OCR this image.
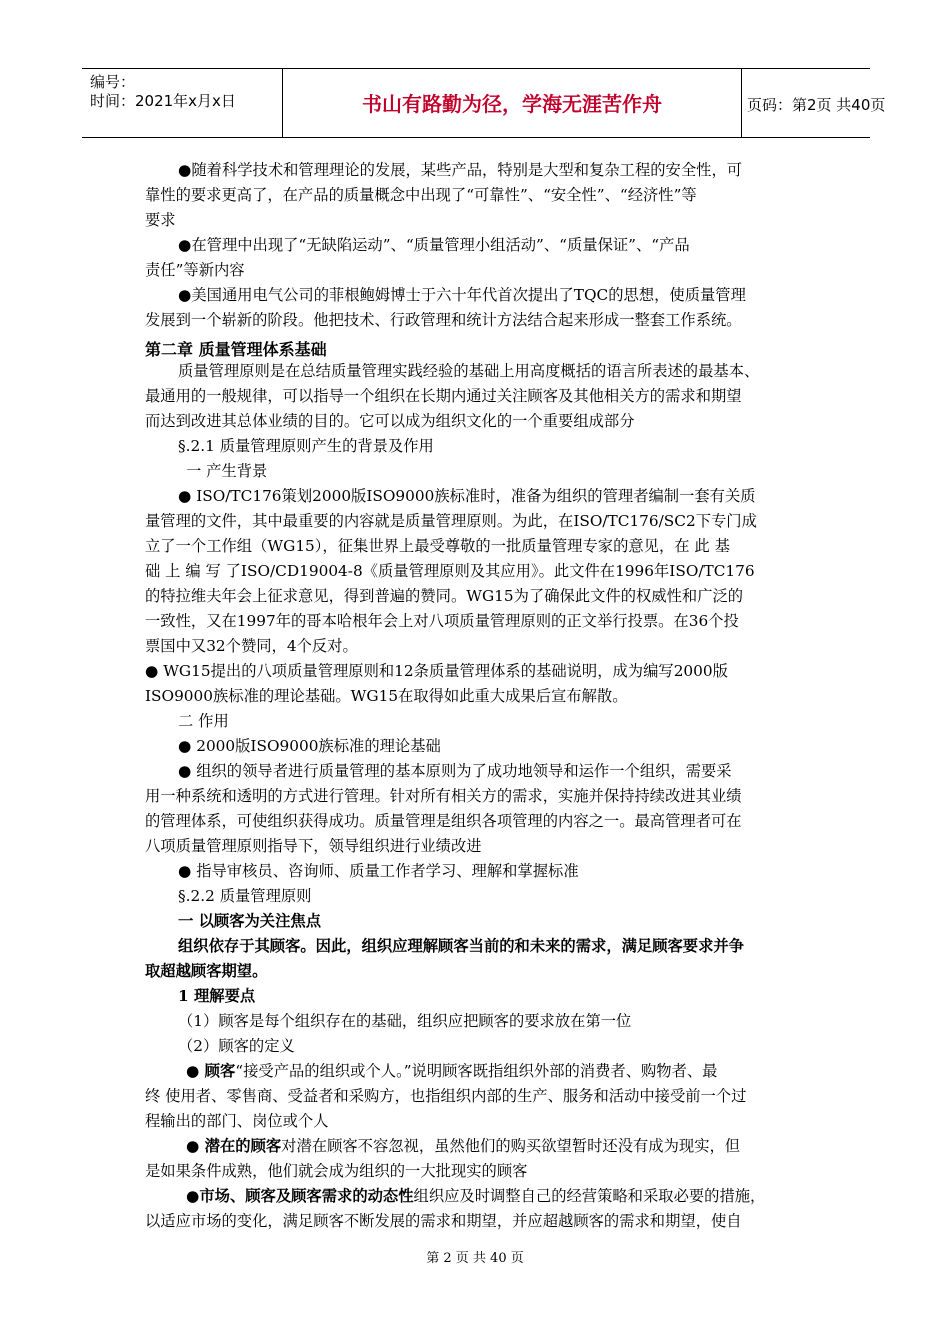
编号：
时间：2021年x月x日	书山有路勤为径，学海无涯苦作舟	页码：第2页 共40页
●随着科学技术和管理理论的发展，某些产品，特别是大型和复杂工程的安全性，可
靠性的要求更高了，在产品的质量概念中出现了“可靠性”、“安全性”、“经济性”等
要求
●在管理中出现了“无缺陷运动”、“质量管理小组活动”、“质量保证”、“产品
责任”等新内容
●美国通用电气公司的菲根鲍姆博士于六十年代首次提出了TQC的思想，使质量管理
发展到一个崭新的阶段。他把技术、行政管理和统计方法结合起来形成一整套工作系统。
第二章 质量管理体系基础
质量管理原则是在总结质量管理实践经验的基础上用高度概括的语言所表述的最基本、
最通用的一般规律，可以指导一个组织在长期内通过关注顾客及其他相关方的需求和期望
而达到改进其总体业绩的目的。它可以成为组织文化的一个重要组成部分
§.2.1 质量管理原则产生的背景及作用
一 产生背景
● ISO/TC176策划2000版ISO9000族标准时，准备为组织的管理者编制一套有关质
量管理的文件，其中最重要的内容就是质量管理原则。为此，在ISO/TC176/SC2下专门成
立了一个工作组（WG15），征集世界上最受尊敬的一批质量管理专家的意见，在 此 基
础 上 编 写 了ISO/CD19004-8《质量管理原则及其应用》。此文件在1996年ISO/TC176
的特拉维夫年会上征求意见，得到普遍的赞同。WG15为了确保此文件的权威性和广泛的
一致性，又在1997年的哥本哈根年会上对八项质量管理原则的正文举行投票。在36个投
票国中又32个赞同，4个反对。
● WG15提出的八项质量管理原则和12条质量管理体系的基础说明，成为编写2000版
ISO9000族标准的理论基础。WG15在取得如此重大成果后宣布解散。
二 作用
● 2000版ISO9000族标准的理论基础
● 组织的领导者进行质量管理的基本原则为了成功地领导和运作一个组织，需要采
用一种系统和透明的方式进行管理。针对所有相关方的需求，实施并保持持续改进其业绩
的管理体系，可使组织获得成功。质量管理是组织各项管理的内容之一。最高管理者可在
八项质量管理原则指导下，领导组织进行业绩改进
● 指导审核员、咨询师、质量工作者学习、理解和掌握标准
§.2.2 质量管理原则
一 以顾客为关注焦点
组织依存于其顾客。因此，组织应理解顾客当前的和未来的需求，满足顾客要求并争
取超越顾客期望。
1 理解要点
（1）顾客是每个组织存在的基础，组织应把顾客的要求放在第一位
（2）顾客的定义
● 顾客“接受产品的组织或个人。”说明顾客既指组织外部的消费者、购物者、最
终 使用者、零售商、受益者和采购方，也指组织内部的生产、服务和活动中接受前一个过
程输出的部门、岗位或个人
● 潜在的顾客对潜在顾客不容忽视，虽然他们的购买欲望暂时还没有成为现实，但
是如果条件成熟，他们就会成为组织的一大批现实的顾客
●市场、顾客及顾客需求的动态性组织应及时调整自己的经营策略和采取必要的措施，
以适应市场的变化，满足顾客不断发展的需求和期望，并应超越顾客的需求和期望，使自
第 2 页 共 40 页
